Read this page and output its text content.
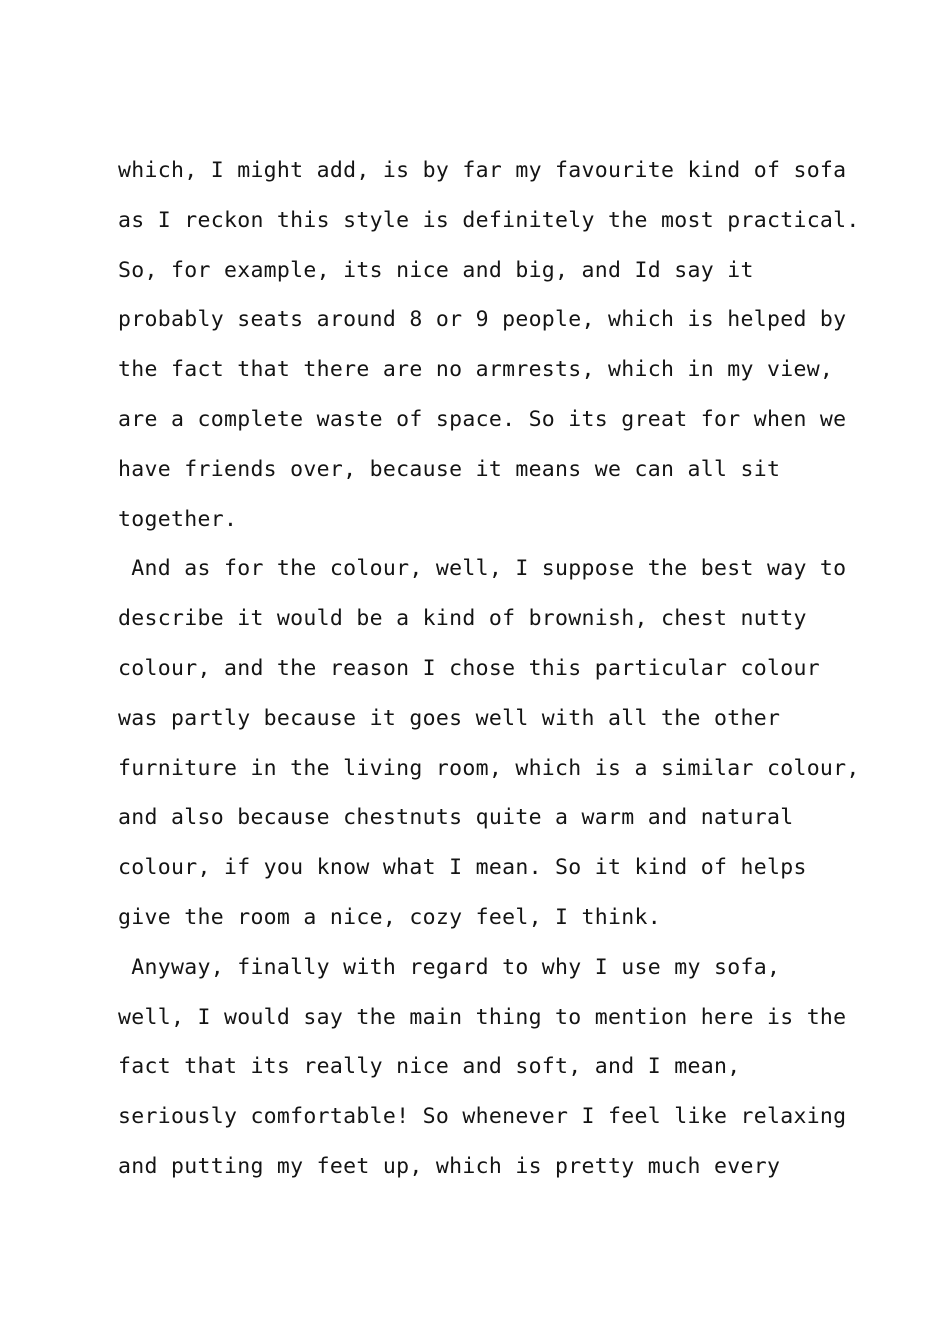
which, I might add, is by far my favourite kind of sofa
as I reckon this style is definitely the most practical.
So, for example, its nice and big, and Id say it
probably seats around 8 or 9 people, which is helped by
the fact that there are no armrests, which in my view,
are a complete waste of space. So its great for when we
have friends over, because it means we can all sit
together.
And as for the colour, well, I suppose the best way to
describe it would be a kind of brownish, chest nutty
colour, and the reason I chose this particular colour
was partly because it goes well with all the other
furniture in the living room, which is a similar colour,
and also because chestnuts quite a warm and natural
colour, if you know what I mean. So it kind of helps
give the room a nice, cozy feel, I think.
Anyway, finally with regard to why I use my sofa,
well, I would say the main thing to mention here is the
fact that its really nice and soft, and I mean,
seriously comfortable! So whenever I feel like relaxing
and putting my feet up, which is pretty much every
